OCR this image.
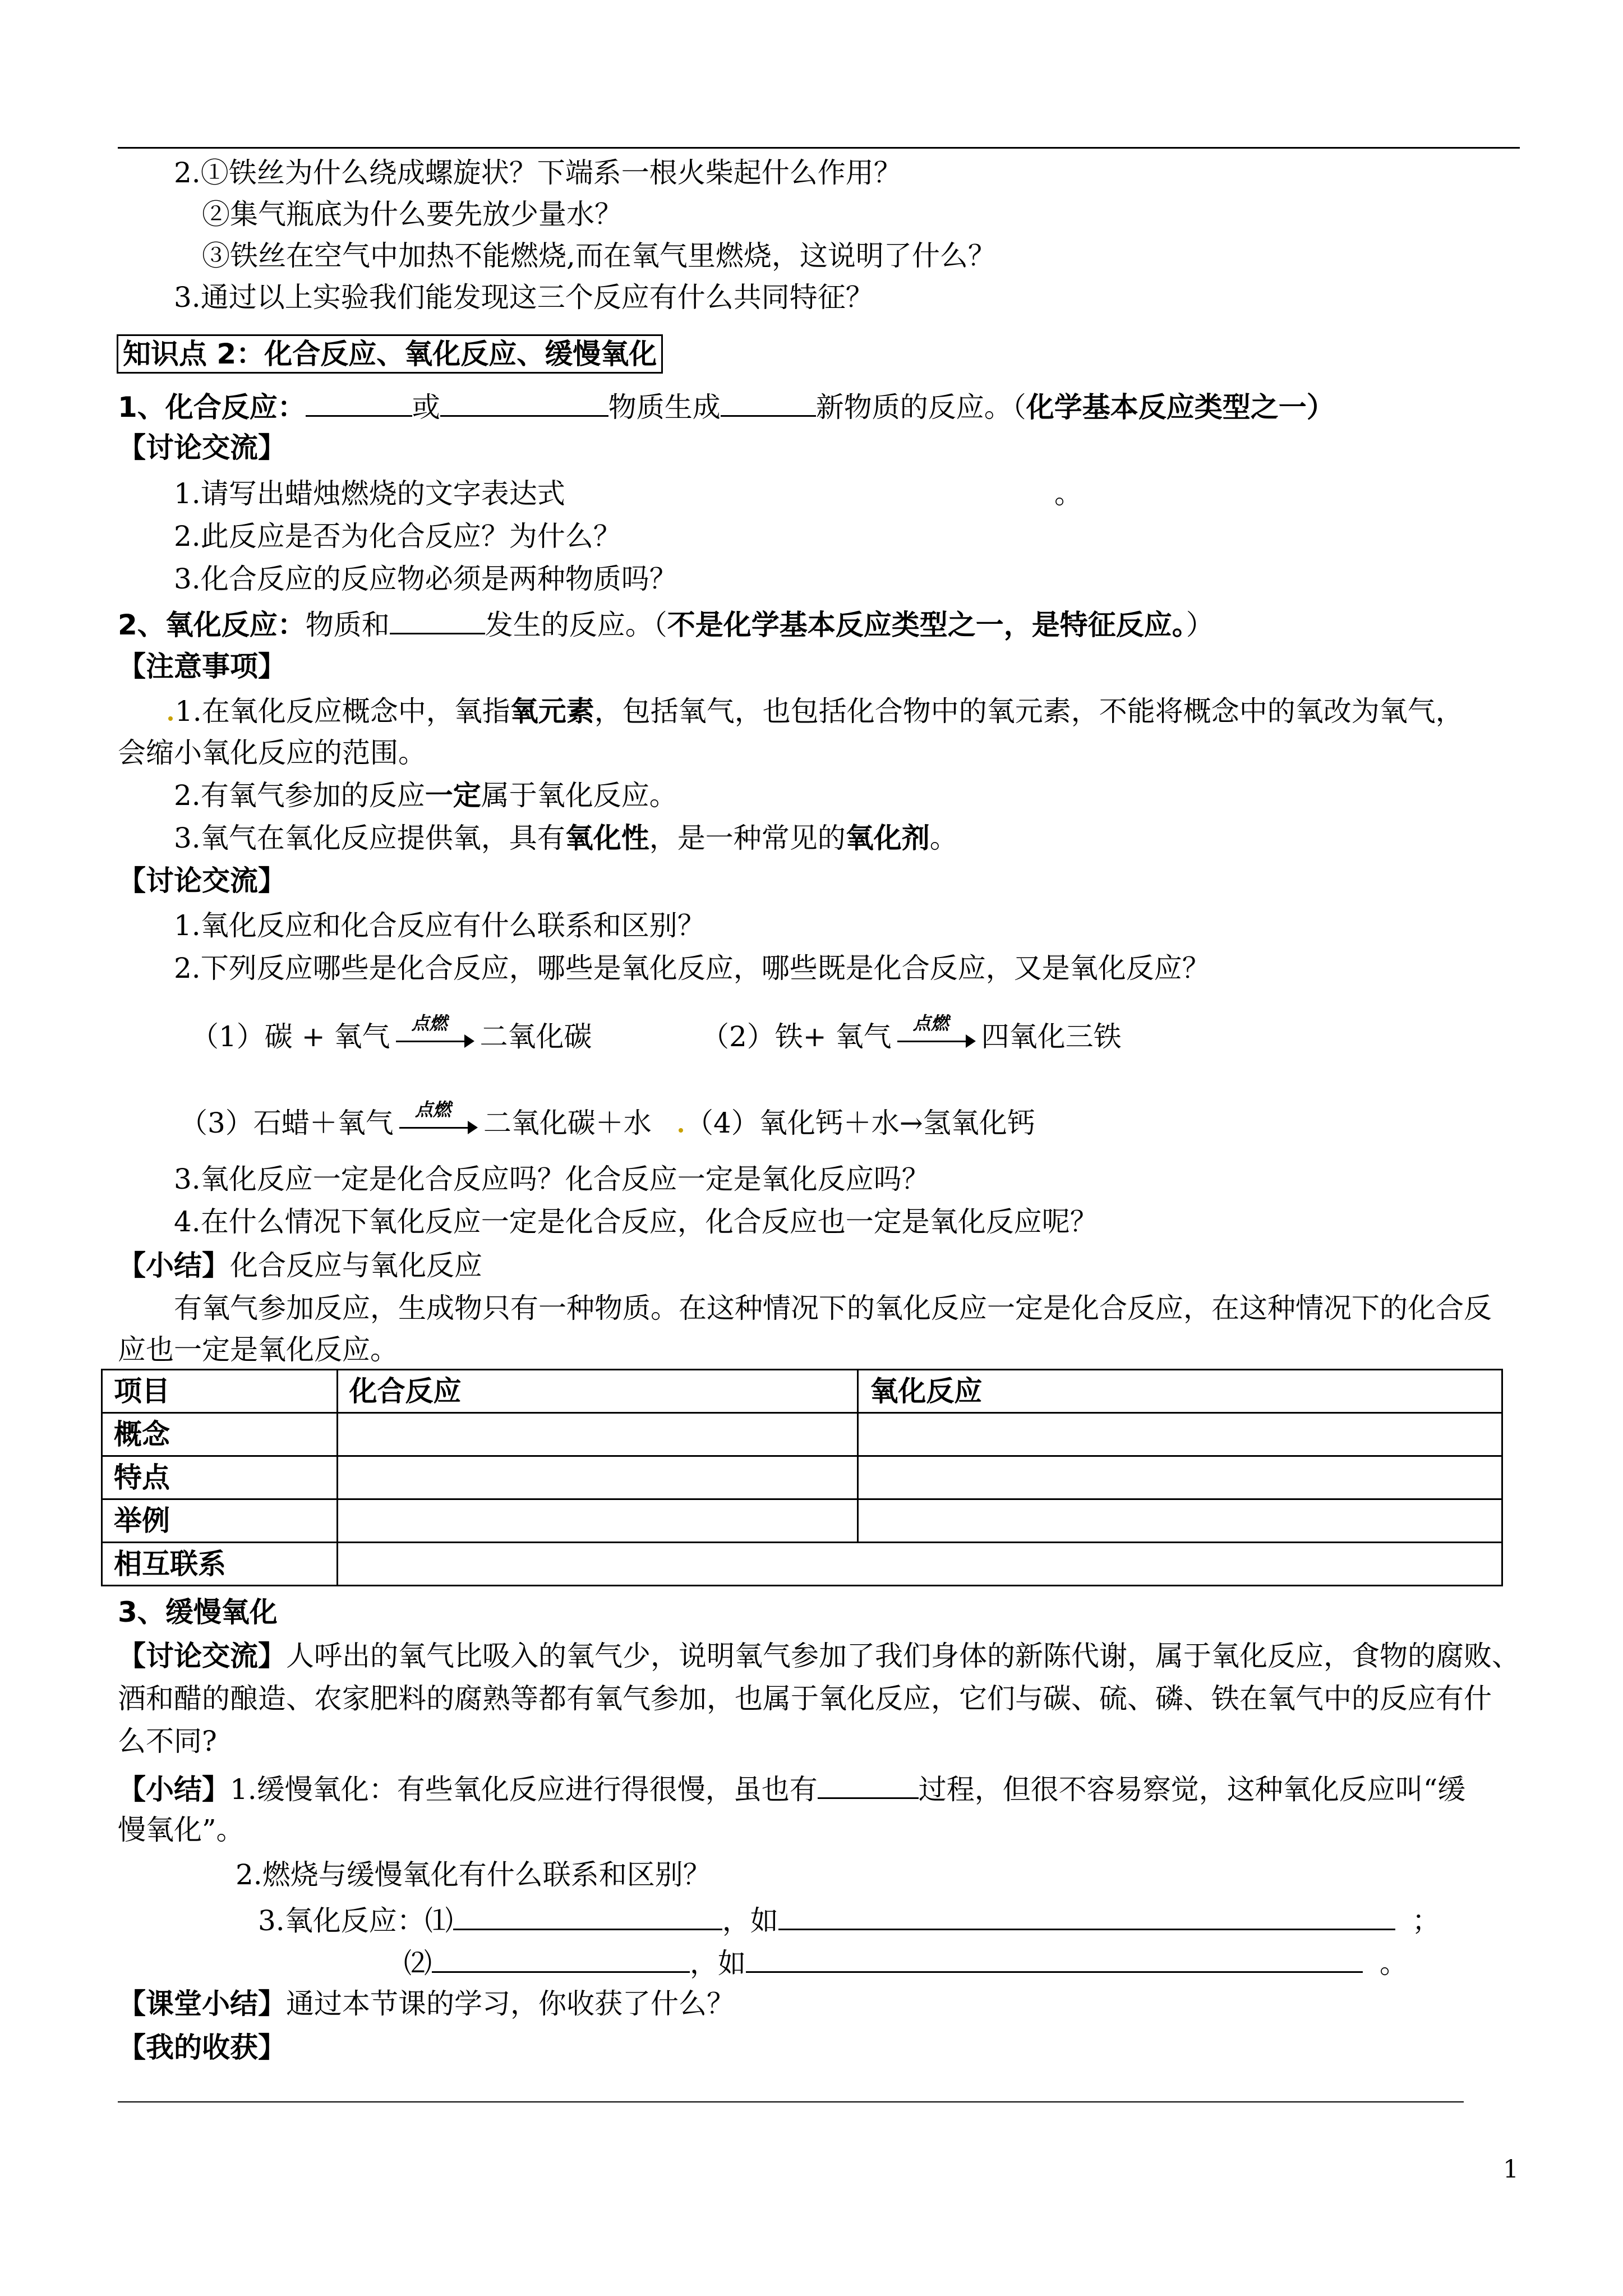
2.①铁丝为什么绕成螺旋状？下端系一根火柴起什么作用？
②集气瓶底为什么要先放少量水？
③铁丝在空气中加热不能燃烧,而在氧气里燃烧，这说明了什么？
3.通过以上实验我们能发现这三个反应有什么共同特征？
知识点 2：化合反应、氧化反应、缓慢氧化
1、化合反应：	或	物质生成	新物质的反应。（化学基本反应类型之一）
【讨论交流】
1.请写出蜡烛燃烧的文字表达式	。
2.此反应是否为化合反应？为什么？
3.化合反应的反应物必须是两种物质吗？
2、氧化反应：物质和	发生的反应。（不是化学基本反应类型之一，是特征反应。）
【注意事项】
1.在氧化反应概念中，氧指氧元素，包括氧气，也包括化合物中的氧元素，不能将概念中的氧改为氧气，
会缩小氧化反应的范围。
2.有氧气参加的反应一定属于氧化反应。
3.氧气在氧化反应提供氧，具有氧化性，是一种常见的氧化剂。
【讨论交流】
1.氧化反应和化合反应有什么联系和区别？
2.下列反应哪些是化合反应，哪些是氧化反应，哪些既是化合反应，又是氧化反应？
（1）碳 + 氧气 点燃 二氧化碳	（2）铁+ 氧气 点燃 四氧化三铁
（3）石蜡＋氧气 点燃 二氧化碳＋水 （4）氧化钙＋水→氢氧化钙
3.氧化反应一定是化合反应吗？化合反应一定是氧化反应吗？
4.在什么情况下氧化反应一定是化合反应，化合反应也一定是氧化反应呢？
【小结】化合反应与氧化反应
有氧气参加反应，生成物只有一种物质。在这种情况下的氧化反应一定是化合反应，在这种情况下的化合反
应也一定是氧化反应。
项目	化合反应	氧化反应
概念		
特点		
举例		
相互联系		
3、缓慢氧化
【讨论交流】人呼出的氧气比吸入的氧气少，说明氧气参加了我们身体的新陈代谢，属于氧化反应，食物的腐败、
酒和醋的酿造、农家肥料的腐熟等都有氧气参加，也属于氧化反应，它们与碳、硫、磷、铁在氧气中的反应有什
么不同?
【小结】1.缓慢氧化：有些氧化反应进行得很慢，虽也有	过程，但很不容易察觉，这种氧化反应叫“缓
慢氧化”。
2.燃烧与缓慢氧化有什么联系和区别？
3.氧化反应：⑴	，如	；
⑵	，如	。
【课堂小结】通过本节课的学习，你收获了什么？
【我的收获】
1
